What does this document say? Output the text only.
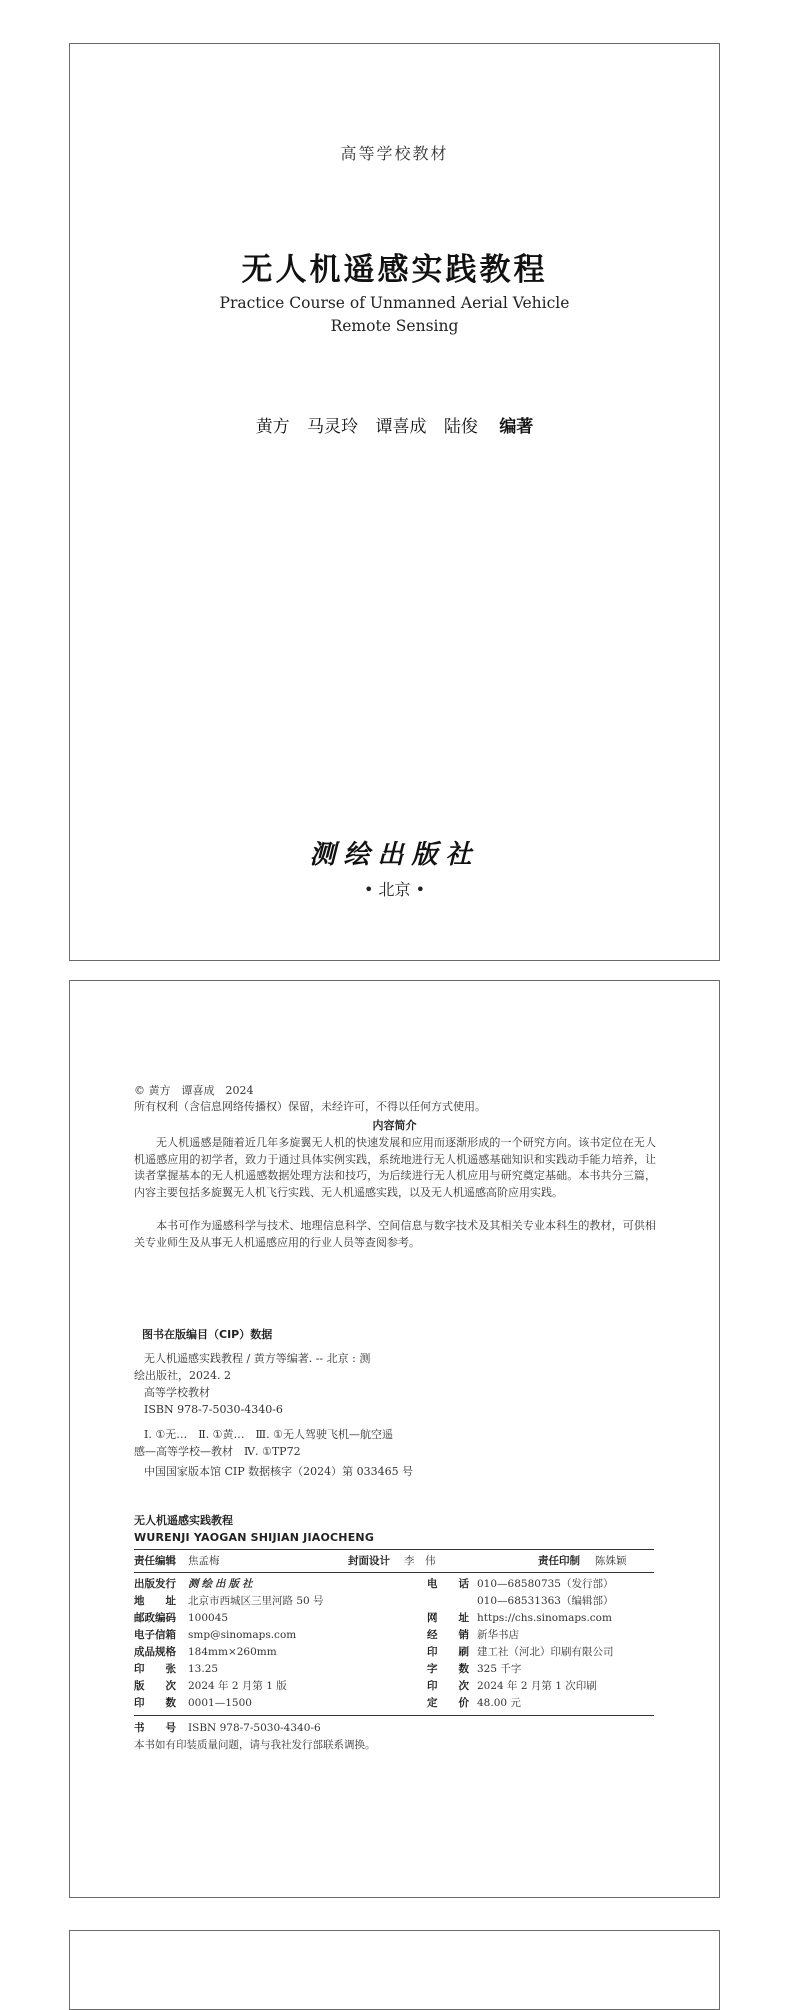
高等学校教材
无人机遥感实践教程
Practice Course of Unmanned Aerial Vehicle
Remote Sensing
黄方 马灵玲 谭喜成 陆俊 编著
测绘出版社
• 北京 •
© 黄方　谭喜成　2024
所有权利（含信息网络传播权）保留，未经许可，不得以任何方式使用。
内容简介

无人机遥感是随着近几年多旋翼无人机的快速发展和应用而逐渐形成的一个研究方向。该书定位在无人机遥感应用的初学者，致力于通过具体实例实践，系统地进行无人机遥感基础知识和实践动手能力培养，让读者掌握基本的无人机遥感数据处理方法和技巧，为后续进行无人机应用与研究奠定基础。本书共分三篇，内容主要包括多旋翼无人机飞行实践、无人机遥感实践，以及无人机遥感高阶应用实践。

本书可作为遥感科学与技术、地理信息科学、空间信息与数字技术及其相关专业本科生的教材，可供相关专业师生及从事无人机遥感应用的行业人员等查阅参考。

图书在版编目（CIP）数据
无人机遥感实践教程 / 黄方等编著. -- 北京 : 测
绘出版社，2024. 2
高等学校教材
ISBN 978-7-5030-4340-6
Ⅰ. ①无…　Ⅱ. ①黄…　Ⅲ. ①无人驾驶飞机—航空遥
感—高等学校—教材　Ⅳ. ①TP72
中国国家版本馆 CIP 数据核字（2024）第 033465 号
无人机遥感实践教程
WURENJI YAOGAN SHIJIAN JIAOCHENG
责任编辑 焦孟梅	封面设计 李　伟	责任印制 陈姝颖
出版发行 测绘出版社
地　　址 北京市西城区三里河路 50 号
邮政编码 100045
电子信箱 smp@sinomaps.com
成品规格 184mm×260mm
印　　张 13.25
版　　次 2024 年 2 月第 1 版
印　　数 0001—1500
电　　话 010—68580735（发行部）
010—68531363（编辑部）
网　　址 https://chs.sinomaps.com
经　　销 新华书店
印　　刷 建工社（河北）印刷有限公司
字　　数 325 千字
印　　次 2024 年 2 月第 1 次印刷
定　　价 48.00 元
书　　号 ISBN 978-7-5030-4340-6
本书如有印装质量问题，请与我社发行部联系调换。
